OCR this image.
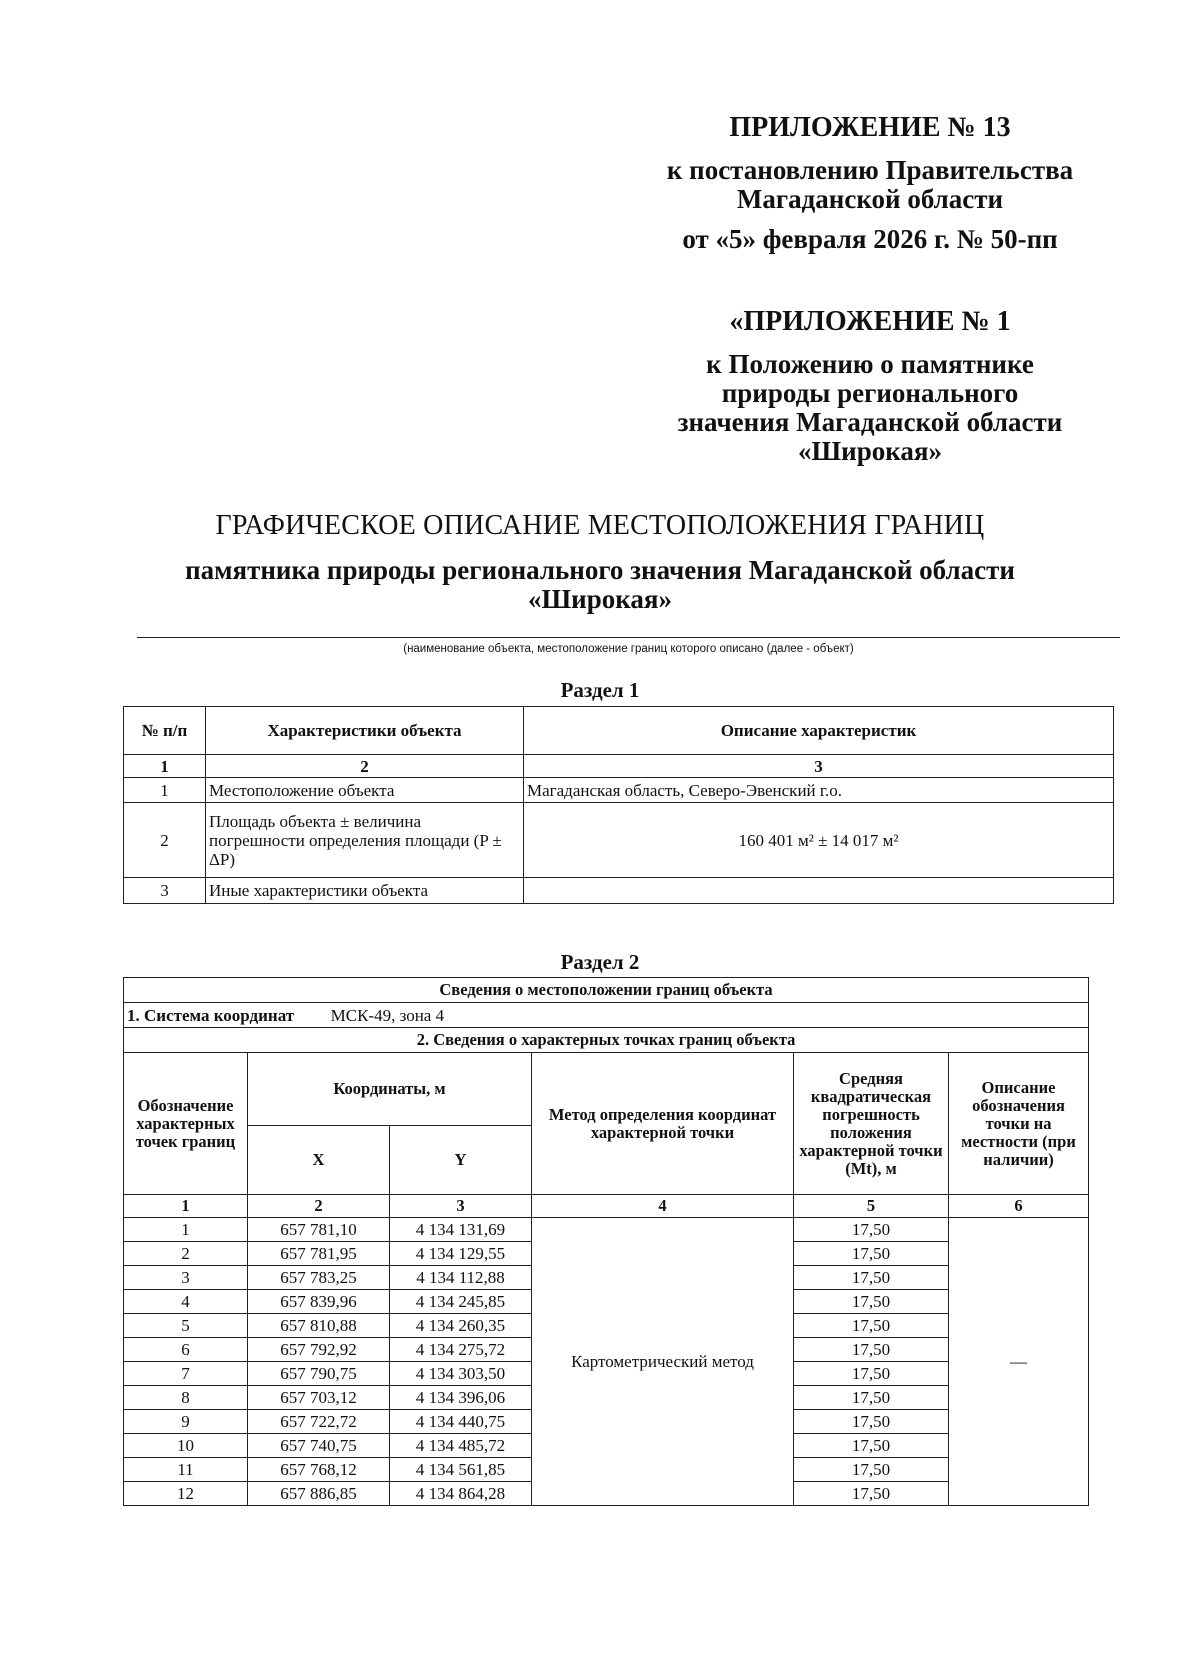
ПРИЛОЖЕНИЕ № 13
к постановлению Правительства
Магаданской области
от «5» февраля 2026 г. № 50-пп
«ПРИЛОЖЕНИЕ № 1
к Положению о памятнике
природы регионального
значения Магаданской области
«Широкая»
ГРАФИЧЕСКОЕ ОПИСАНИЕ МЕСТОПОЛОЖЕНИЯ ГРАНИЦ
памятника природы регионального значения Магаданской области
«Широкая»
(наименование объекта, местоположение границ которого описано (далее - объект)
Раздел 1
№ п/п	Характеристики объекта	Описание характеристик
1	2	3
1	Местоположение объекта	Магаданская область, Северо-Эвенский г.о.
2	Площадь объекта ± величина погрешности определения площади (P ± ΔP)	160 401 м² ± 14 017 м²
3	Иные характеристики объекта	
Раздел 2
Сведения о местоположении границ объекта					
1. Система координат МСК-49, зона 4					
2. Сведения о характерных точках границ объекта					
Обозначение характерных точек границ	Координаты, м		Метод определения координат характерной точки	Средняя квадратическая погрешность положения характерной точки (Mt), м	Описание обозначения точки на местности (при наличии)
	X	Y			
1	2	3	4	5	6
1	657 781,10	4 134 131,69	Картометрический метод	17,50	—
2	657 781,95	4 134 129,55		17,50	
3	657 783,25	4 134 112,88		17,50	
4	657 839,96	4 134 245,85		17,50	
5	657 810,88	4 134 260,35		17,50	
6	657 792,92	4 134 275,72		17,50	
7	657 790,75	4 134 303,50		17,50	
8	657 703,12	4 134 396,06		17,50	
9	657 722,72	4 134 440,75		17,50	
10	657 740,75	4 134 485,72		17,50	
11	657 768,12	4 134 561,85		17,50	
12	657 886,85	4 134 864,28		17,50	
